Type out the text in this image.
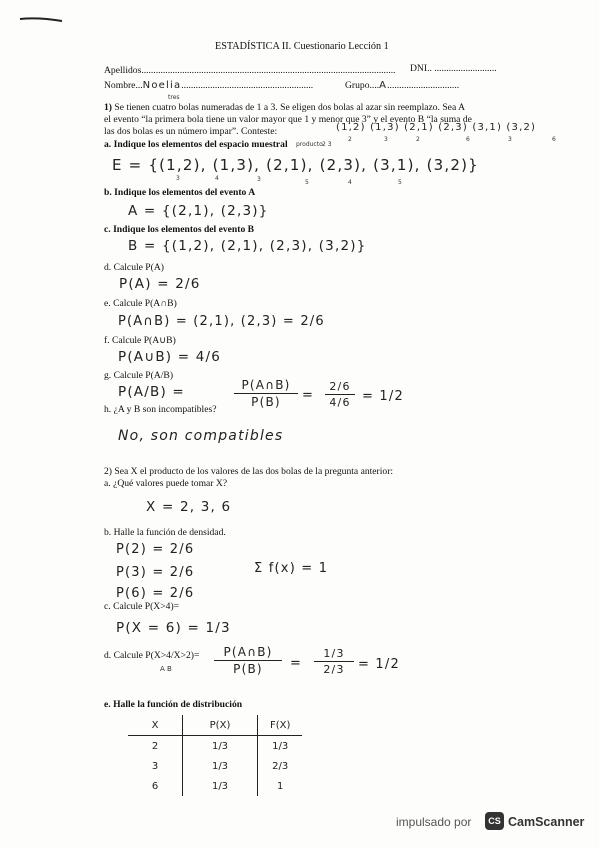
ESTADÍSTICA II. Cuestionario Lección 1
Apellidos.......................................................................................................... DNI.. ..........................
Nombre...Noelia.......................................................	Grupo....A..............................
tres
1) Se tienen cuatro bolas numeradas de 1 a 3. Se eligen dos bolas al azar sin reemplazo. Sea A
el evento “la primera bola tiene un valor mayor que 1 y menor que 3” y el evento B “la suma de
las dos bolas es un número impar”. Conteste:	(1,2) (1,3) (2,1) (2,3) (3,1) (3,2)
2	3	2	6	3	6
a. Indique los elementos del espacio muestral producto 2 3
E = {(1,2), (1,3), (2,1), (2,3), (3,1), (3,2)}
3	4	3	5	4	5
b. Indique los elementos del evento A
A = {(2,1), (2,3)}
c. Indique los elementos del evento B
B = {(1,2), (2,1), (2,3), (3,2)}
d. Calcule P(A)
P(A) = 2/6
e. Calcule P(A∩B)
P(A∩B) = (2,1), (2,3) = 2/6
f. Calcule P(A∪B)
P(A∪B) = 4/6
g. Calcule P(A/B)
P(A/B) =	P(A∩B)
P(B)	=
2/6
4/6 = 1/2
h. ¿A y B son incompatibles?
No, son compatibles
2) Sea X el producto de los valores de las dos bolas de la pregunta anterior:
a. ¿Qué valores puede tomar X?
X = 2, 3, 6
b. Halle la función de densidad.
P(2) = 2/6
P(3) = 2/6
P(6) = 2/6
Σ f(x) = 1
c. Calcule P(X>4)=
P(X = 6) = 1/3
d. Calcule P(X>4/X>2)=
A B
P(A∩B)
P(B)	=
1/3
2/3	= 1/2
e. Halle la función de distribución
X	P(X)	F(X)
2	1/3	1/3
3	1/3	2/3
6	1/3	1
impulsado por	CS CamScanner
